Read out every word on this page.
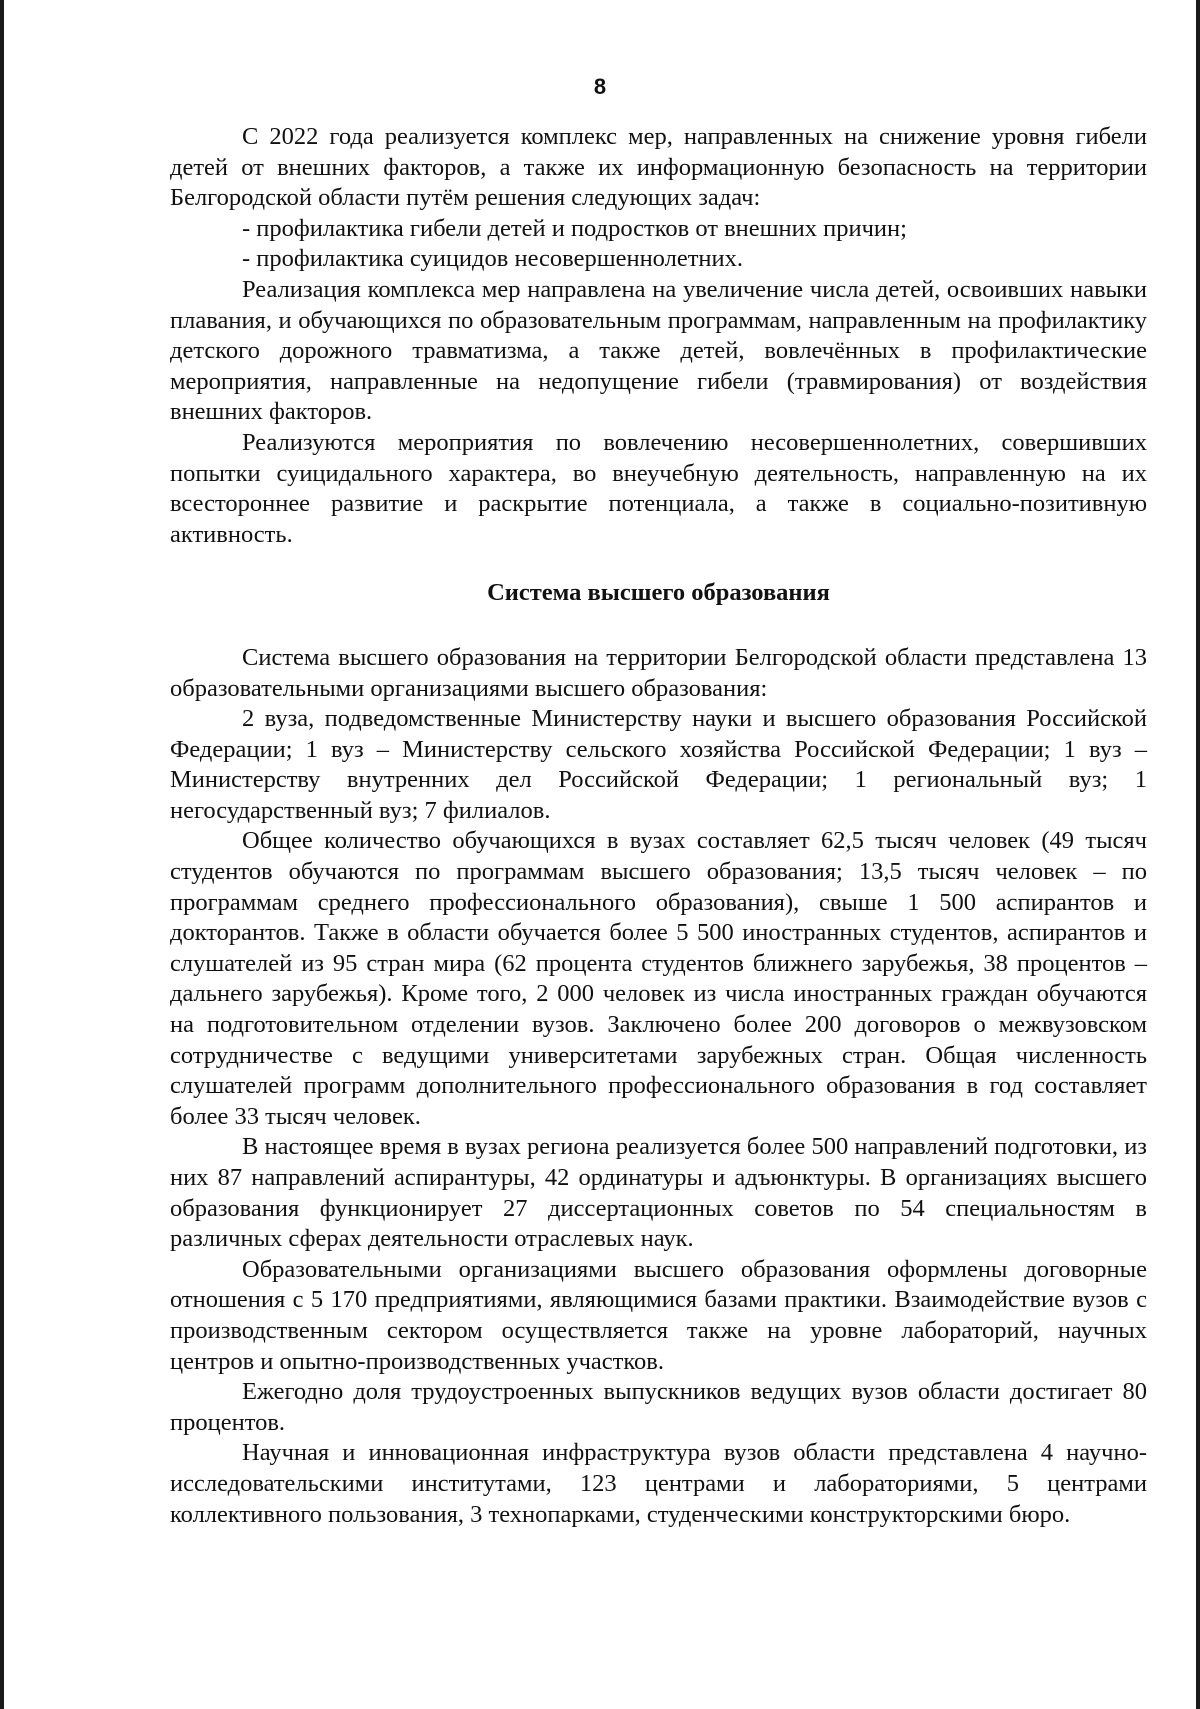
8

С 2022 года реализуется комплекс мер, направленных на снижение уровня гибели детей от внешних факторов, а также их информационную безопасность на территории Белгородской области путём решения следующих задач:

- профилактика гибели детей и подростков от внешних причин;

- профилактика суицидов несовершеннолетних.

Реализация комплекса мер направлена на увеличение числа детей, освоивших навыки плавания, и обучающихся по образовательным программам, направленным на профилактику детского дорожного травматизма, а также детей, вовлечённых в профилактические мероприятия, направленные на недопущение гибели (травмирования) от воздействия внешних факторов.

Реализуются мероприятия по вовлечению несовершеннолетних, совершивших попытки суицидального характера, во внеучебную деятельность, направленную на их всестороннее развитие и раскрытие потенциала, а также в социально-позитивную активность.

Система высшего образования

Система высшего образования на территории Белгородской области представлена 13 образовательными организациями высшего образования:

2 вуза, подведомственные Министерству науки и высшего образования Российской Федерации; 1 вуз – Министерству сельского хозяйства Российской Федерации; 1 вуз – Министерству внутренних дел Российской Федерации; 1 региональный вуз; 1 негосударственный вуз; 7 филиалов.

Общее количество обучающихся в вузах составляет 62,5 тысяч человек (49 тысяч студентов обучаются по программам высшего образования; 13,5 тысяч человек – по программам среднего профессионального образования), свыше 1 500 аспирантов и докторантов. Также в области обучается более 5 500 иностранных студентов, аспирантов и слушателей из 95 стран мира (62 процента студентов ближнего зарубежья, 38 процентов – дальнего зарубежья). Кроме того, 2 000 человек из числа иностранных граждан обучаются на подготовительном отделении вузов. Заключено более 200 договоров о межвузовском сотрудничестве с ведущими университетами зарубежных стран. Общая численность слушателей программ дополнительного профессионального образования в год составляет более 33 тысяч человек.

В настоящее время в вузах региона реализуется более 500 направлений подготовки, из них 87 направлений аспирантуры, 42 ординатуры и адъюнктуры. В организациях высшего образования функционирует 27 диссертационных советов по 54 специальностям в различных сферах деятельности отраслевых наук.

Образовательными организациями высшего образования оформлены договорные отношения с 5 170 предприятиями, являющимися базами практики. Взаимодействие вузов с производственным сектором осуществляется также на уровне лабораторий, научных центров и опытно-производственных участков.

Ежегодно доля трудоустроенных выпускников ведущих вузов области достигает 80 процентов.

Научная и инновационная инфраструктура вузов области представлена 4 научно-исследовательскими институтами, 123 центрами и лабораториями, 5 центрами коллективного пользования, 3 технопарками, студенческими конструкторскими бюро.
